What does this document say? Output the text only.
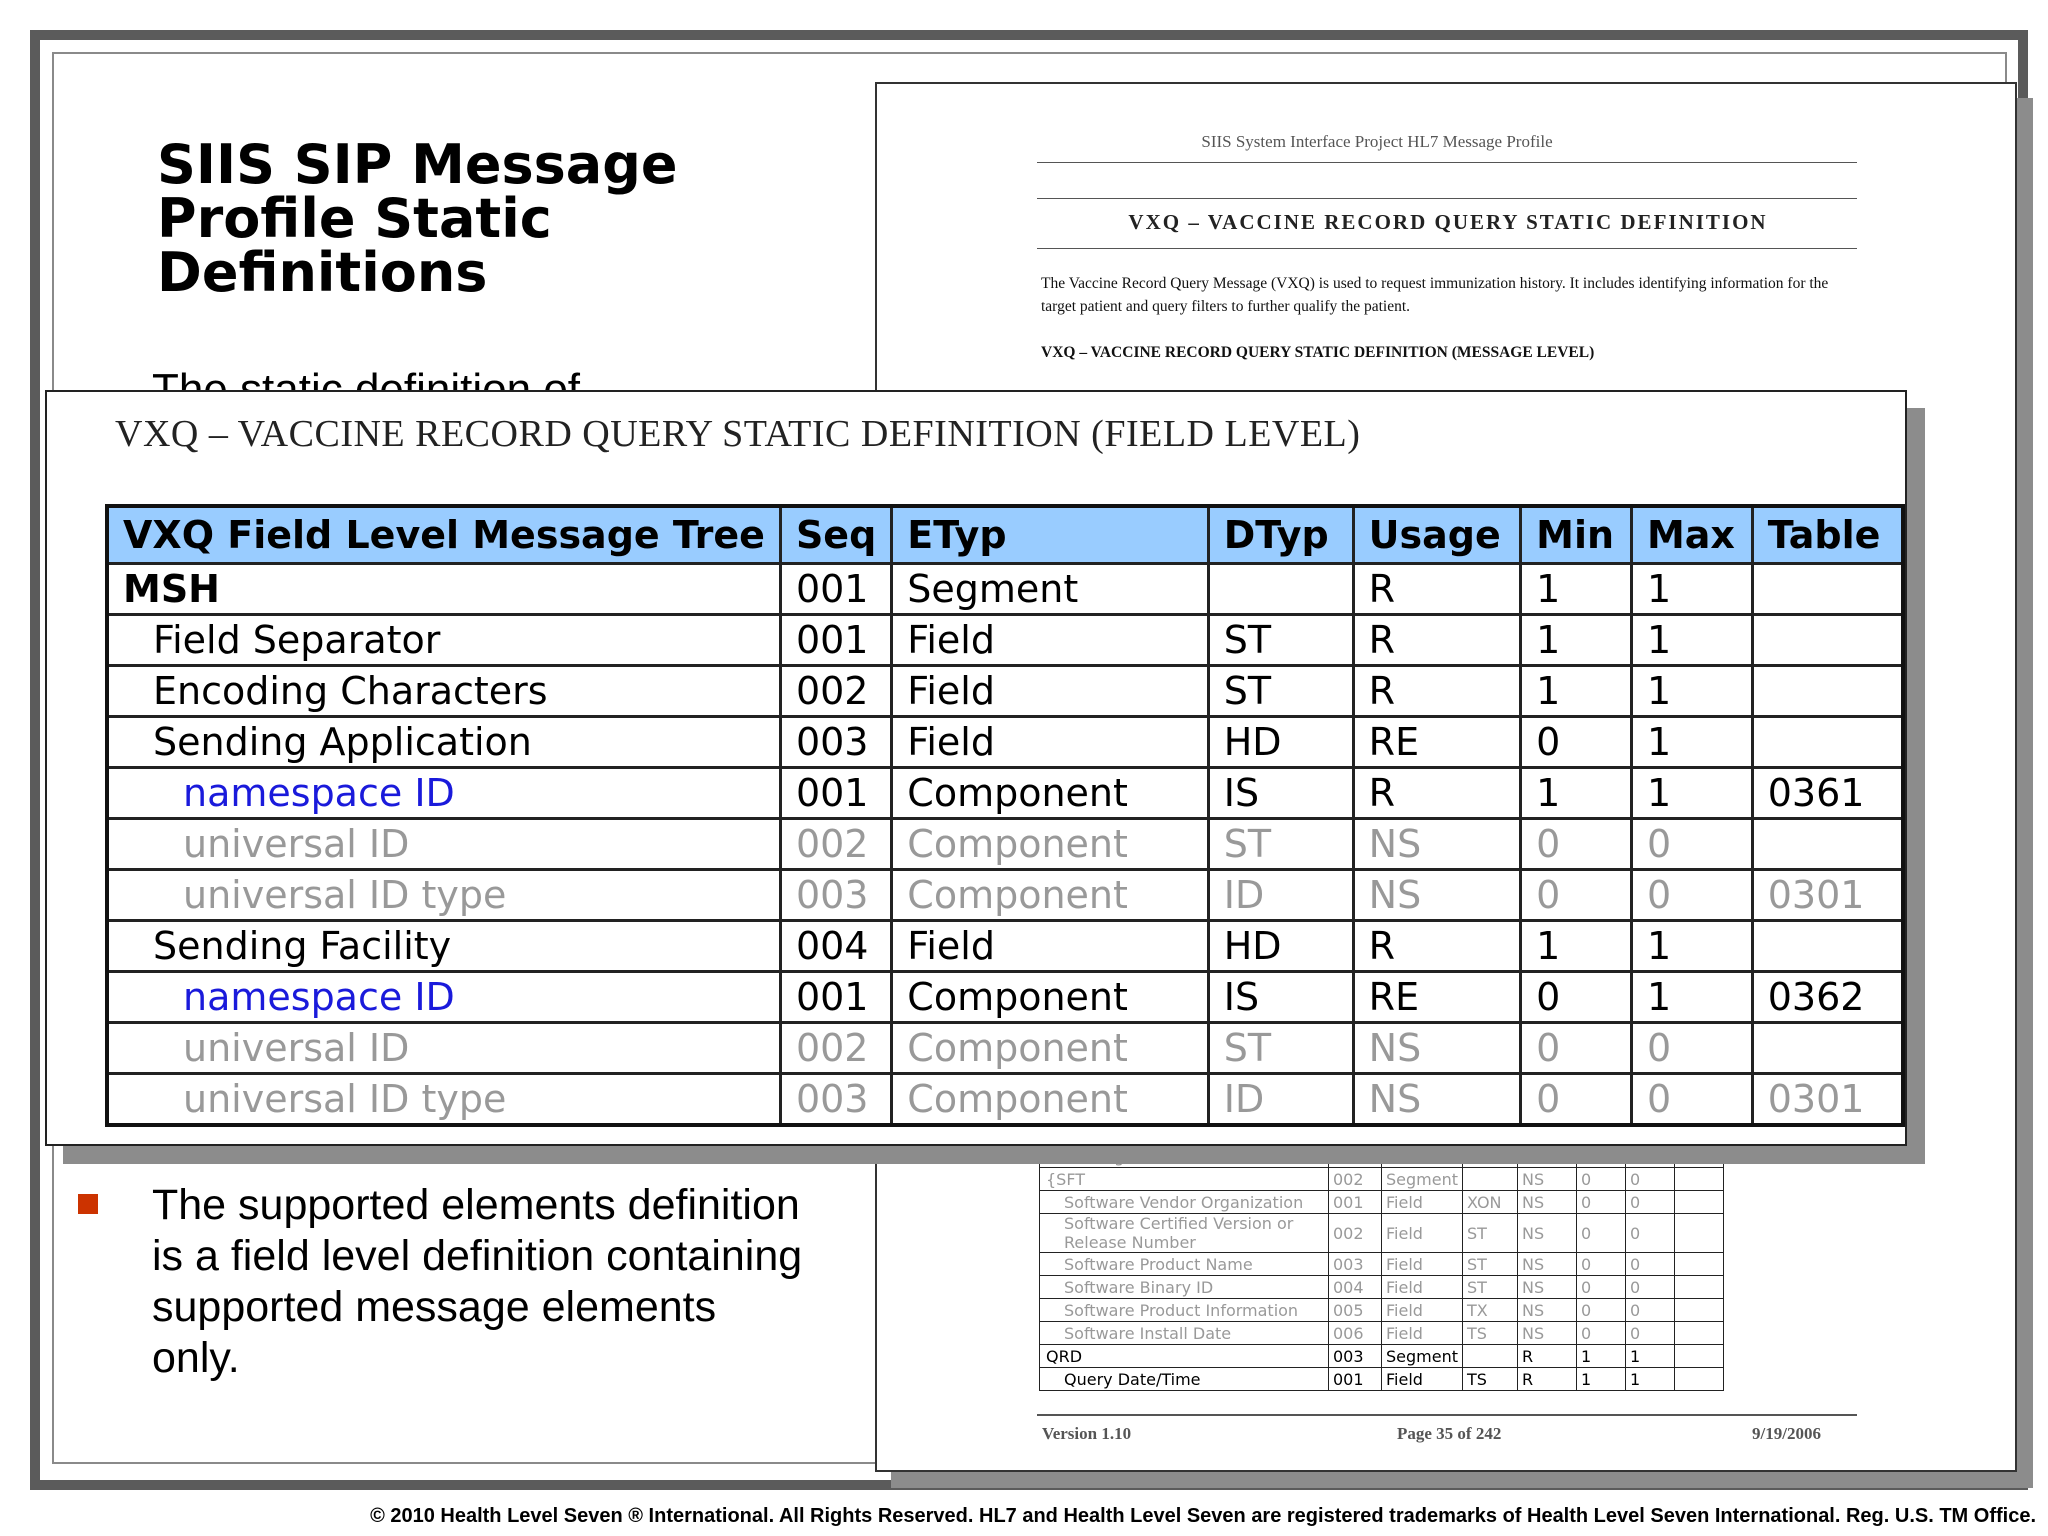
SIIS SIP Message Profile Static Definitions
SIIS System Interface Project HL7 Message Profile
VXQ – VACCINE RECORD QUERY STATIC DEFINITION
The Vaccine Record Query Message (VXQ) is used to request immunization history. It includes identifying information for the target patient and query filters to further qualify the patient.
VXQ – VACCINE RECORD QUERY STATIC DEFINITION (MESSAGE LEVEL)
Message Profile Identifier	021	Field	EI	RE	0	*	
{SFT	002	Segment		NS	0	0	
Software Vendor Organization	001	Field	XON	NS	0	0	
Software Certified Version or Release Number	002	Field	ST	NS	0	0	
Software Product Name	003	Field	ST	NS	0	0	
Software Binary ID	004	Field	ST	NS	0	0	
Software Product Information	005	Field	TX	NS	0	0	
Software Install Date	006	Field	TS	NS	0	0	
QRD	003	Segment		R	1	1	
Query Date/Time	001	Field	TS	R	1	1	
Version 1.10	Page 35 of 242	9/19/2006
The supported elements definition is a field level definition containing supported message elements only.
VXQ – VACCINE RECORD QUERY STATIC DEFINITION (FIELD LEVEL)
VXQ Field Level Message Tree	Seq	ETyp	DTyp	Usage	Min	Max	Table
MSH	001	Segment		R	1	1	
Field Separator	001	Field	ST	R	1	1	
Encoding Characters	002	Field	ST	R	1	1	
Sending Application	003	Field	HD	RE	0	1	
namespace ID	001	Component	IS	R	1	1	0361
universal ID	002	Component	ST	NS	0	0	
universal ID type	003	Component	ID	NS	0	0	0301
Sending Facility	004	Field	HD	R	1	1	
namespace ID	001	Component	IS	RE	0	1	0362
universal ID	002	Component	ST	NS	0	0	
universal ID type	003	Component	ID	NS	0	0	0301
© 2010 Health Level Seven ® International. All Rights Reserved. HL7 and Health Level Seven are registered trademarks of Health Level Seven International. Reg. U.S. TM Office.
